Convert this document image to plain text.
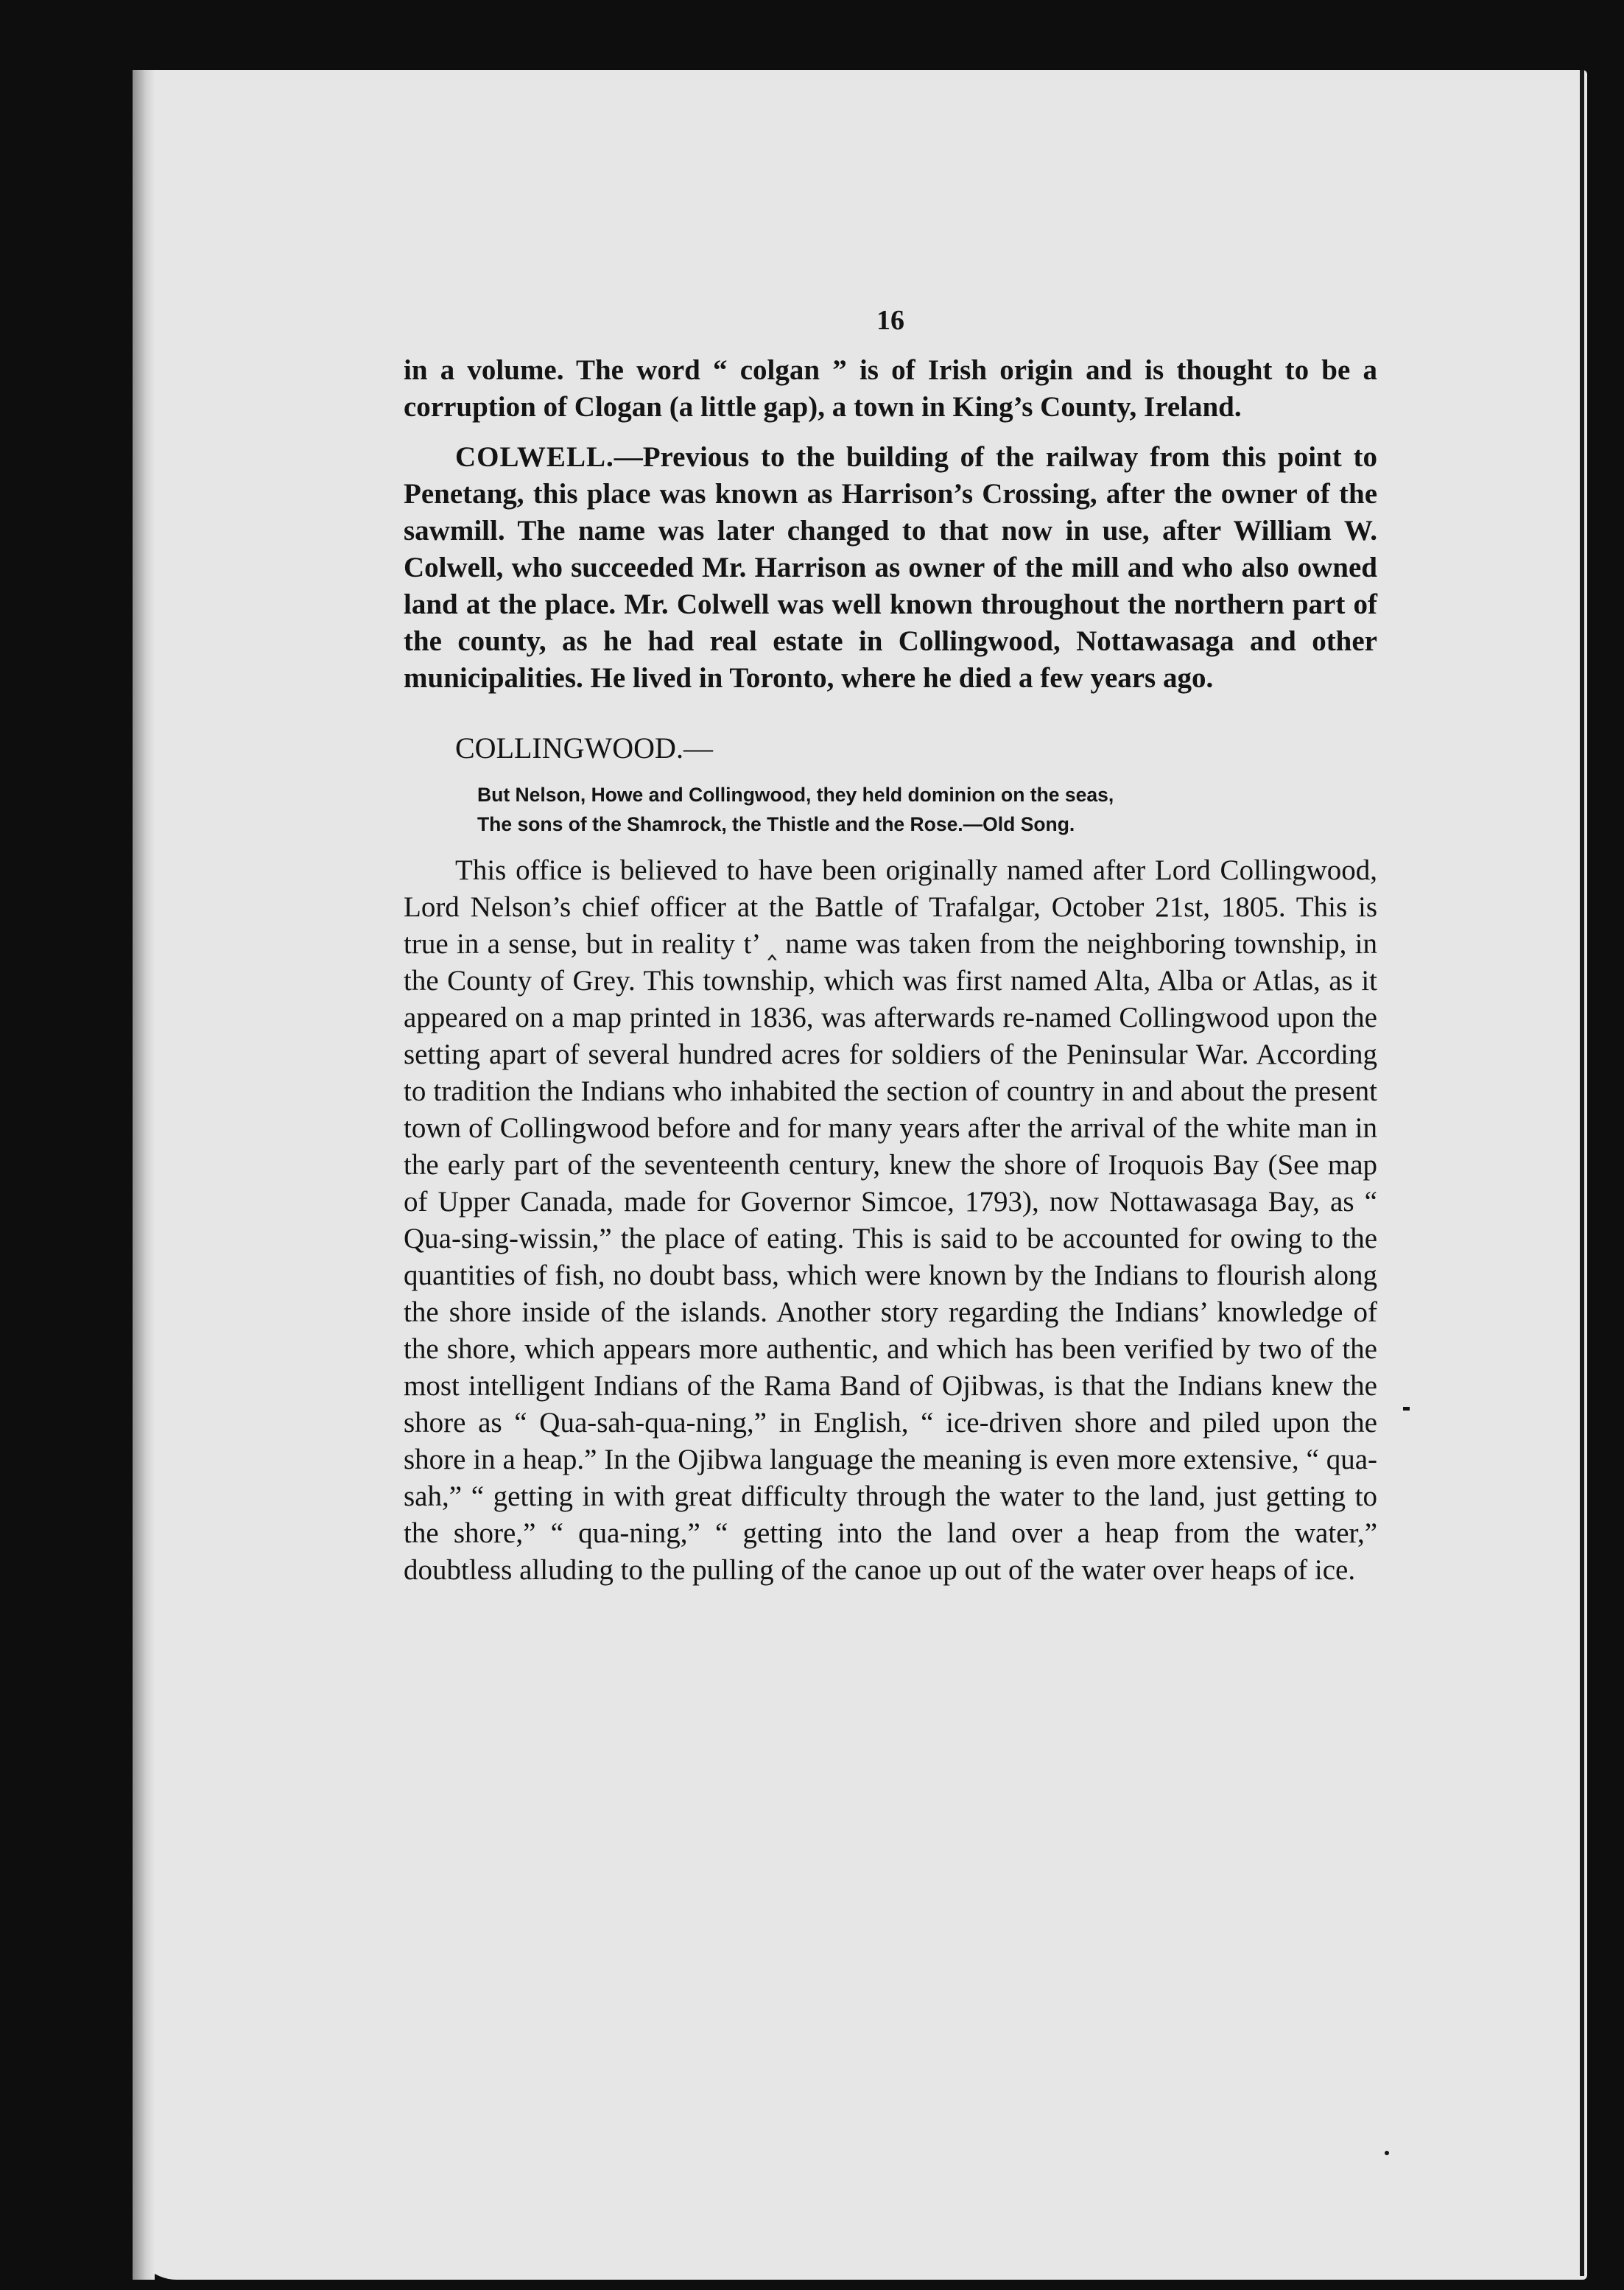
16

in a volume. The word “ colgan ” is of Irish origin and is thought to be a corruption of Clogan (a little gap), a town in King’s County, Ireland.

COLWELL.—Previous to the building of the railway from this point to Penetang, this place was known as Harrison’s Crossing, after the owner of the sawmill. The name was later changed to that now in use, after William W. Colwell, who succeeded Mr. Harrison as owner of the mill and who also owned land at the place. Mr. Colwell was well known throughout the northern part of the county, as he had real estate in Collingwood, Nottawasaga and other municipalities. He lived in Toronto, where he died a few years ago.

COLLINGWOOD.—

But Nelson, Howe and Collingwood, they held dominion on the seas,
The sons of the Shamrock, the Thistle and the Rose.—Old Song.

This office is believed to have been originally named after Lord Collingwood, Lord Nelson’s chief officer at the Battle of Trafalgar, October 21st, 1805. This is true in a sense, but in reality t’ ‸ name was taken from the neighboring township, in the County of Grey. This township, which was first named Alta, Alba or Atlas, as it appeared on a map printed in 1836, was afterwards re-named Collingwood upon the setting apart of several hundred acres for soldiers of the Peninsular War. According to tradition the Indians who inhabited the section of country in and about the present town of Collingwood before and for many years after the arrival of the white man in the early part of the seventeenth century, knew the shore of Iroquois Bay (See map of Upper Canada, made for Governor Simcoe, 1793), now Nottawasaga Bay, as “ Qua-sing-wissin,” the place of eating. This is said to be accounted for owing to the quantities of fish, no doubt bass, which were known by the Indians to flourish along the shore inside of the islands. Another story regarding the Indians’ knowledge of the shore, which appears more authentic, and which has been verified by two of the most intelligent Indians of the Rama Band of Ojibwas, is that the Indians knew the shore as “ Qua-sah-qua-ning,” in English, “ ice-driven shore and piled upon the shore in a heap.” In the Ojibwa language the meaning is even more extensive, “ qua-sah,” “ getting in with great difficulty through the water to the land, just getting to the shore,” “ qua-ning,” “ getting into the land over a heap from the water,” doubtless alluding to the pulling of the canoe up out of the water over heaps of ice.
